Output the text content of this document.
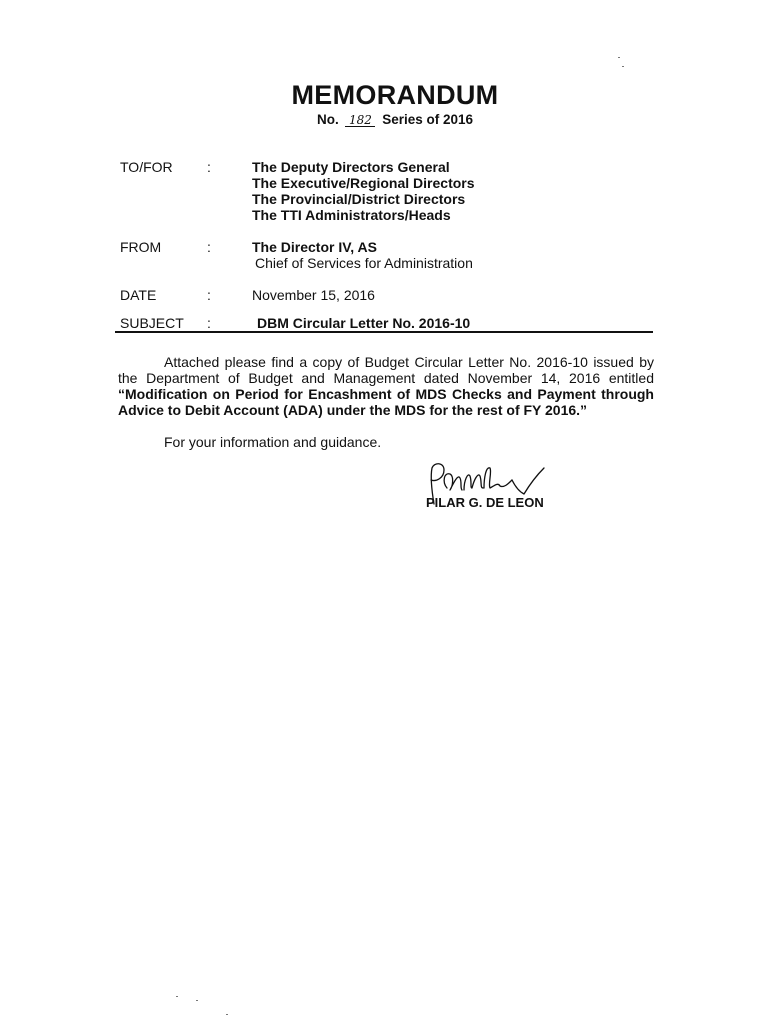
MEMORANDUM
No. 182 Series of 2016
TO/FOR :	The Deputy Directors General
The Executive/Regional Directors
The Provincial/District Directors
The TTI Administrators/Heads
FROM	:	The Director IV, AS
Chief of Services for Administration
DATE	:	November 15, 2016
SUBJECT :	DBM Circular Letter No. 2016-10
Attached please find a copy of Budget Circular Letter No. 2016-10 issued by the Department of Budget and Management dated November 14, 2016 entitled “Modification on Period for Encashment of MDS Checks and Payment through Advice to Debit Account (ADA) under the MDS for the rest of FY 2016.”
For your information and guidance.
PILAR G. DE LEON
